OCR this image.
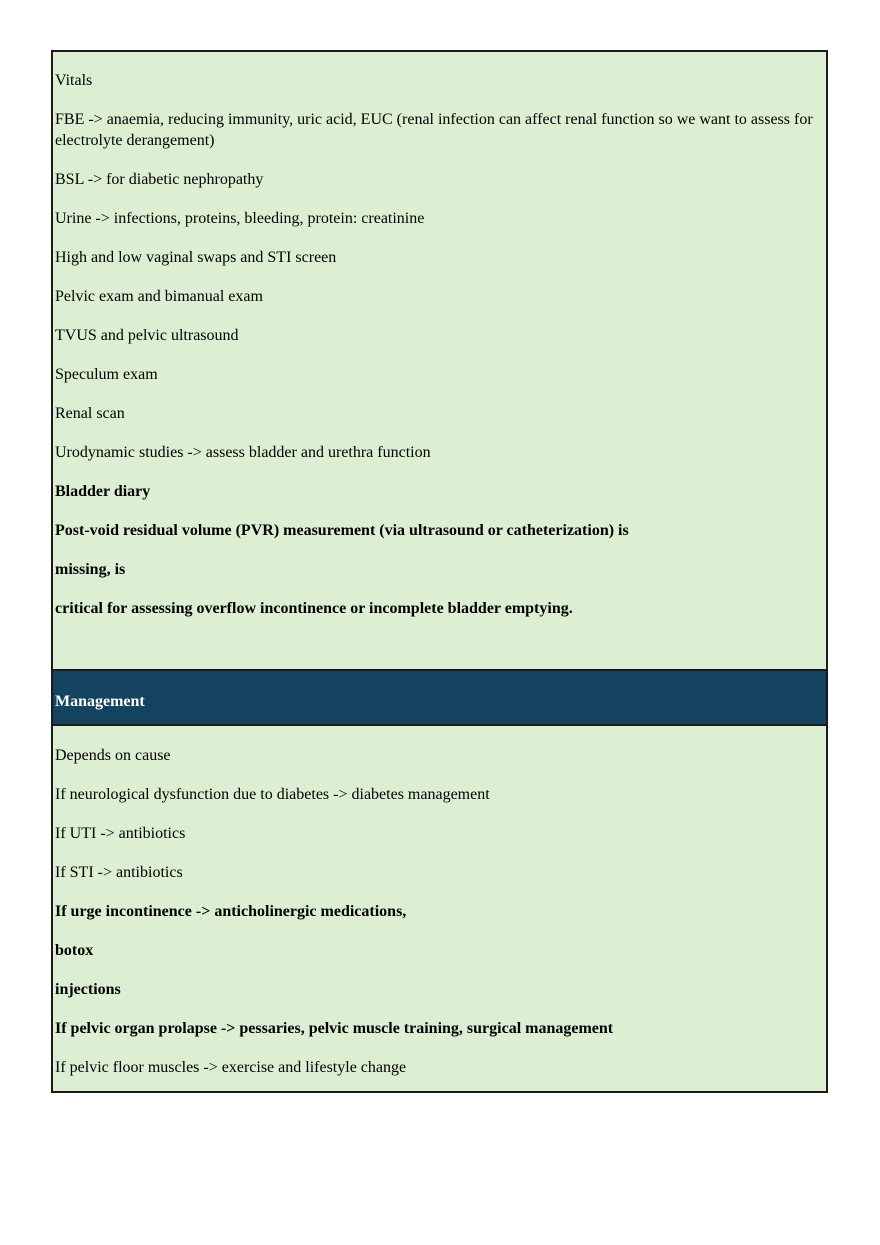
Vitals

FBE -> anaemia, reducing immunity, uric acid, EUC (renal infection can affect renal function so we want to assess for electrolyte derangement)

BSL -> for diabetic nephropathy

Urine -> infections, proteins, bleeding, protein: creatinine

High and low vaginal swaps and STI screen

Pelvic exam and bimanual exam

TVUS and pelvic ultrasound

Speculum exam

Renal scan

Urodynamic studies -> assess bladder and urethra function

Bladder diary

Post-void residual volume (PVR) measurement (via ultrasound or catheterization) is

missing, is

critical for assessing overflow incontinence or incomplete bladder emptying.

Management

Depends on cause

If neurological dysfunction due to diabetes -> diabetes management

If UTI -> antibiotics

If STI -> antibiotics

If urge incontinence -> anticholinergic medications,

botox

injections

If pelvic organ prolapse -> pessaries, pelvic muscle training, surgical management

If pelvic floor muscles -> exercise and lifestyle change
